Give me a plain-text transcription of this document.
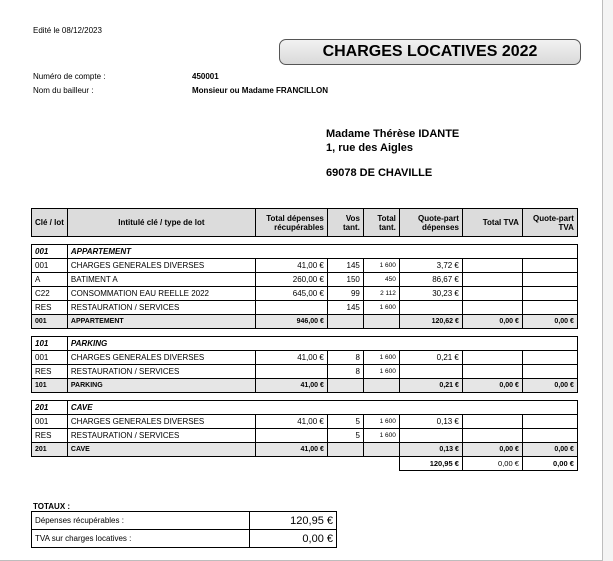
Edité le 08/12/2023
CHARGES LOCATIVES 2022
Numéro de compte :	450001
Nom du bailleur :	Monsieur ou Madame FRANCILLON
Madame Thérèse IDANTE
1, rue des Aigles
69078 DE CHAVILLE
Clé / lot	Intitulé clé / type de lot	Total dépenses récupérables	Vos tant.	Total tant.	Quote-part dépenses	Total TVA	Quote-part TVA

001	APPARTEMENT						
001	CHARGES GENERALES DIVERSES	41,00 €	145	1 600	3,72 €		
A	BATIMENT A	260,00 €	150	450	86,67 €		
C22	CONSOMMATION EAU REELLE 2022	645,00 €	99	2 112	30,23 €		
RES	RESTAURATION / SERVICES		145	1 600			
001	APPARTEMENT	946,00 €			120,62 €	0,00 €	0,00 €

101	PARKING						
001	CHARGES GENERALES DIVERSES	41,00 €	8	1 600	0,21 €		
RES	RESTAURATION / SERVICES		8	1 600			
101	PARKING	41,00 €			0,21 €	0,00 €	0,00 €

201	CAVE						
001	CHARGES GENERALES DIVERSES	41,00 €	5	1 600	0,13 €		
RES	RESTAURATION / SERVICES		5	1 600			
201	CAVE	41,00 €			0,13 €	0,00 €	0,00 €
					120,95 €	0,00 €	0,00 €
TOTAUX :
Dépenses récupérables :	120,95 €
TVA sur charges locatives :	0,00 €
